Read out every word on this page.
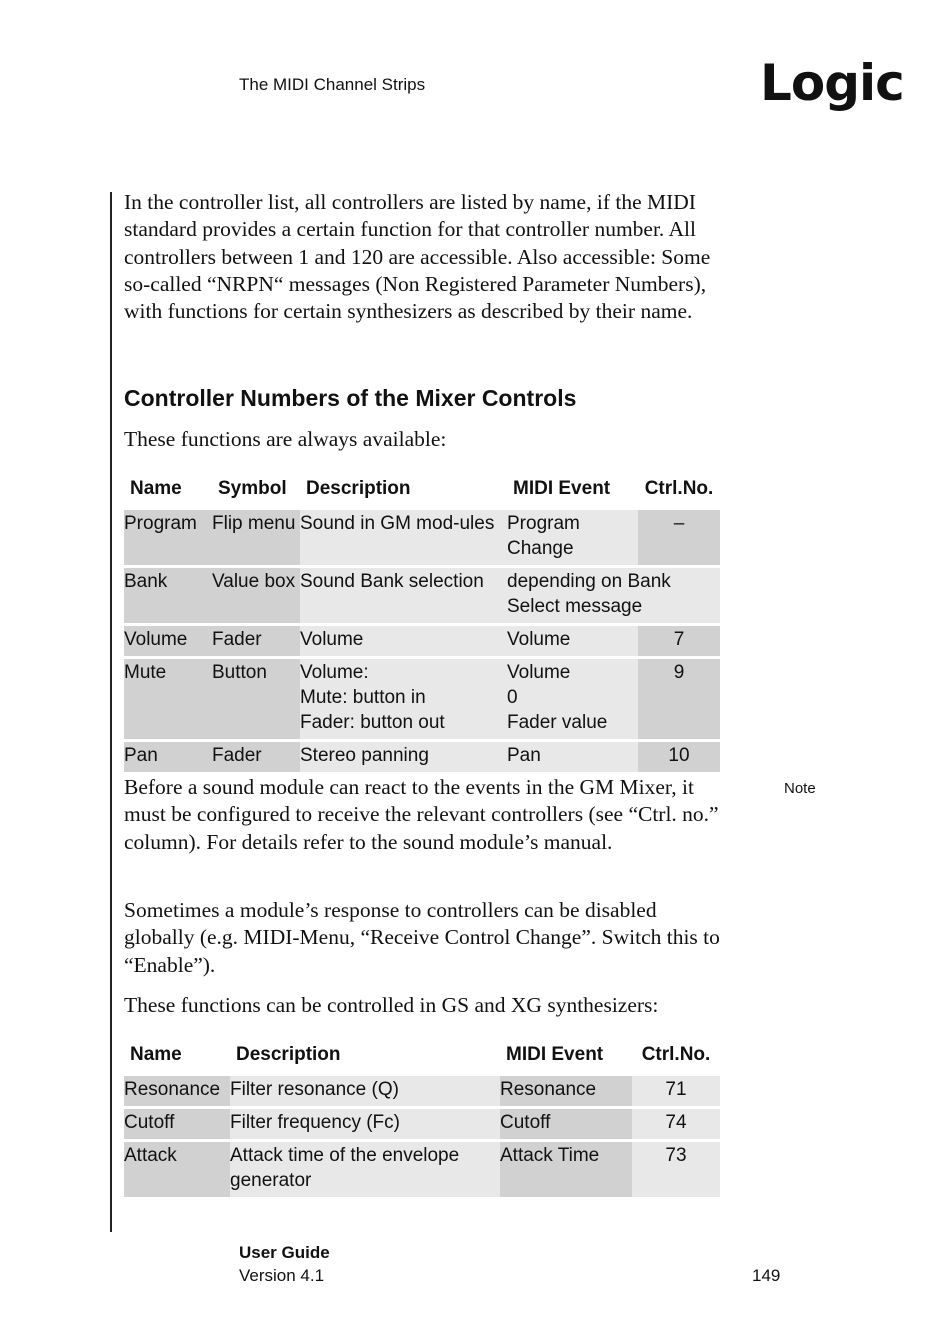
The MIDI Channel Strips	Logic

In the controller list, all controllers are listed by name, if the MIDI standard provides a certain function for that controller number. All controllers between 1 and 120 are accessible. Also accessible: Some so-called “NRPN“ messages (Non Registered Parameter Numbers), with functions for certain synthesizers as described by their name.

Controller Numbers of the Mixer Controls

These functions are always available:

Name	Symbol	Description	MIDI Event	Ctrl.No.
Program	Flip menu	Sound in GM mod-ules	Program Change	–
Bank	Value box	Sound Bank selection	depending on Bank Select message	
Volume	Fader	Volume	Volume	7
Mute	Button	Volume:
Mute: button in
Fader: button out	Volume
0
Fader value	9
Pan	Fader	Stereo panning	Pan	10
Note

Before a sound module can react to the events in the GM Mixer, it must be configured to receive the relevant controllers (see “Ctrl. no.” column). For details refer to the sound module’s manual.

Sometimes a module’s response to controllers can be disabled globally (e.g. MIDI-Menu, “Receive Control Change”. Switch this to “Enable”).

These functions can be controlled in GS and XG synthesizers:

Name	Description	MIDI Event	Ctrl.No.
Resonance	Filter resonance (Q)	Resonance	71
Cutoff	Filter frequency (Fc)	Cutoff	74
Attack	Attack time of the envelope generator	Attack Time	73
User Guide
Version 4.1	149
